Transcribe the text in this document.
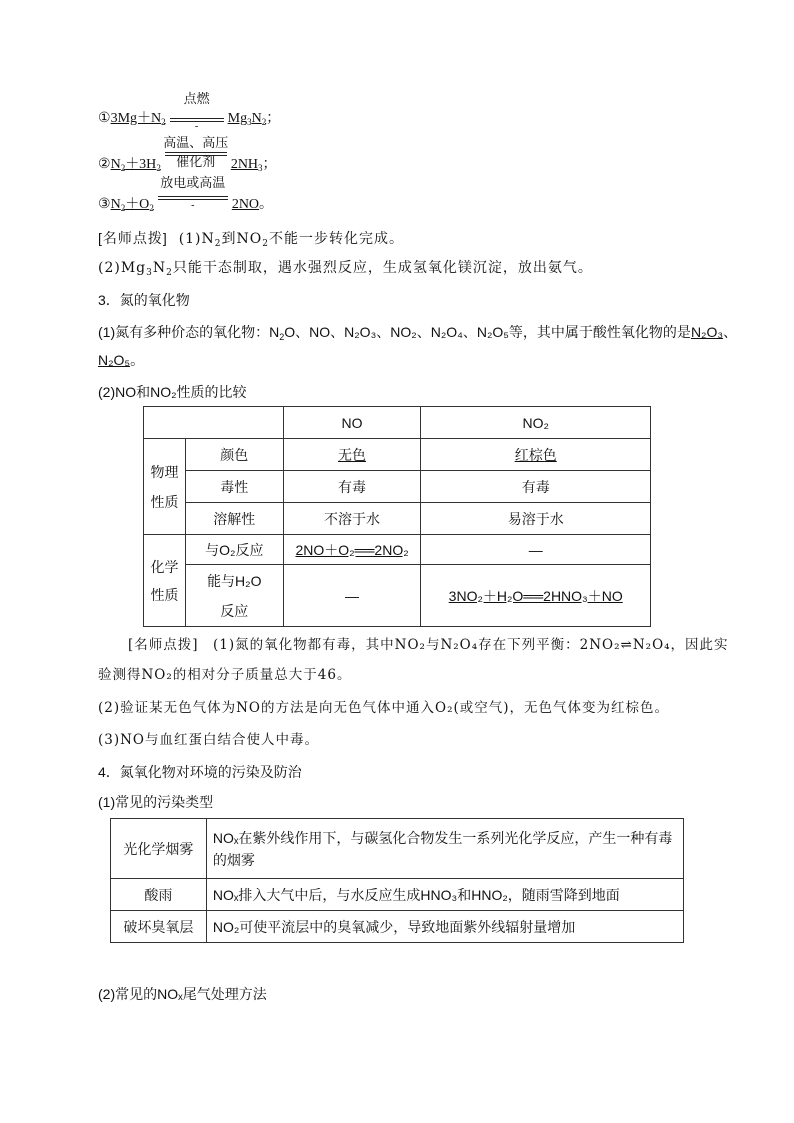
$①3Mg+N_2$
点燃
-
$Mg_3N_2$；
$②N_2+3H_2$
高温、高压
催化剂	$2NH_3$；
$③N_2+O_2$
放电或高温
-	2NO。
[名师点拨] $(1)N_2$到$NO_2$不能一步转化完成。
$(2)Mg_3N_2$只能干态制取，遇水强烈反应，生成氢氧化镁沉淀，放出氨气。
3．氮的氧化物
(1)氮有多种价态的氧化物：$N_2O$、NO、N₂O₃、NO₂、N₂O₄、N₂O₅等，其中属于酸性氧化物的是N₂O₃、
N₂O₅。
(2)NO和NO₂性质的比较
		NO	NO₂
物理
性质	颜色	无色	红棕色
	毒性	有毒	有毒
	溶解性	不溶于水	易溶于水
化学
性质	与O₂反应	2NO＋O₂══2NO₂	—
	能与H₂O
反应	—	3NO₂＋H₂O══2HNO₃＋NO
[名师点拨]　(1)氮的氧化物都有毒，其中NO₂与N₂O₄存在下列平衡：2NO₂⇌N₂O₄，因此实
验测得NO₂的相对分子质量总大于46。
(2)验证某无色气体为NO的方法是向无色气体中通入O₂(或空气)，无色气体变为红棕色。
(3)NO与血红蛋白结合使人中毒。
4．氮氧化物对环境的污染及防治
(1)常见的污染类型
光化学烟雾	NOₓ在紫外线作用下，与碳氢化合物发生一系列光化学反应，产生一种有毒的烟雾
酸雨	NOₓ排入大气中后，与水反应生成HNO₃和HNO₂，随雨雪降到地面
破坏臭氧层	NO₂可使平流层中的臭氧减少，导致地面紫外线辐射量增加
(2)常见的NOₓ尾气处理方法
